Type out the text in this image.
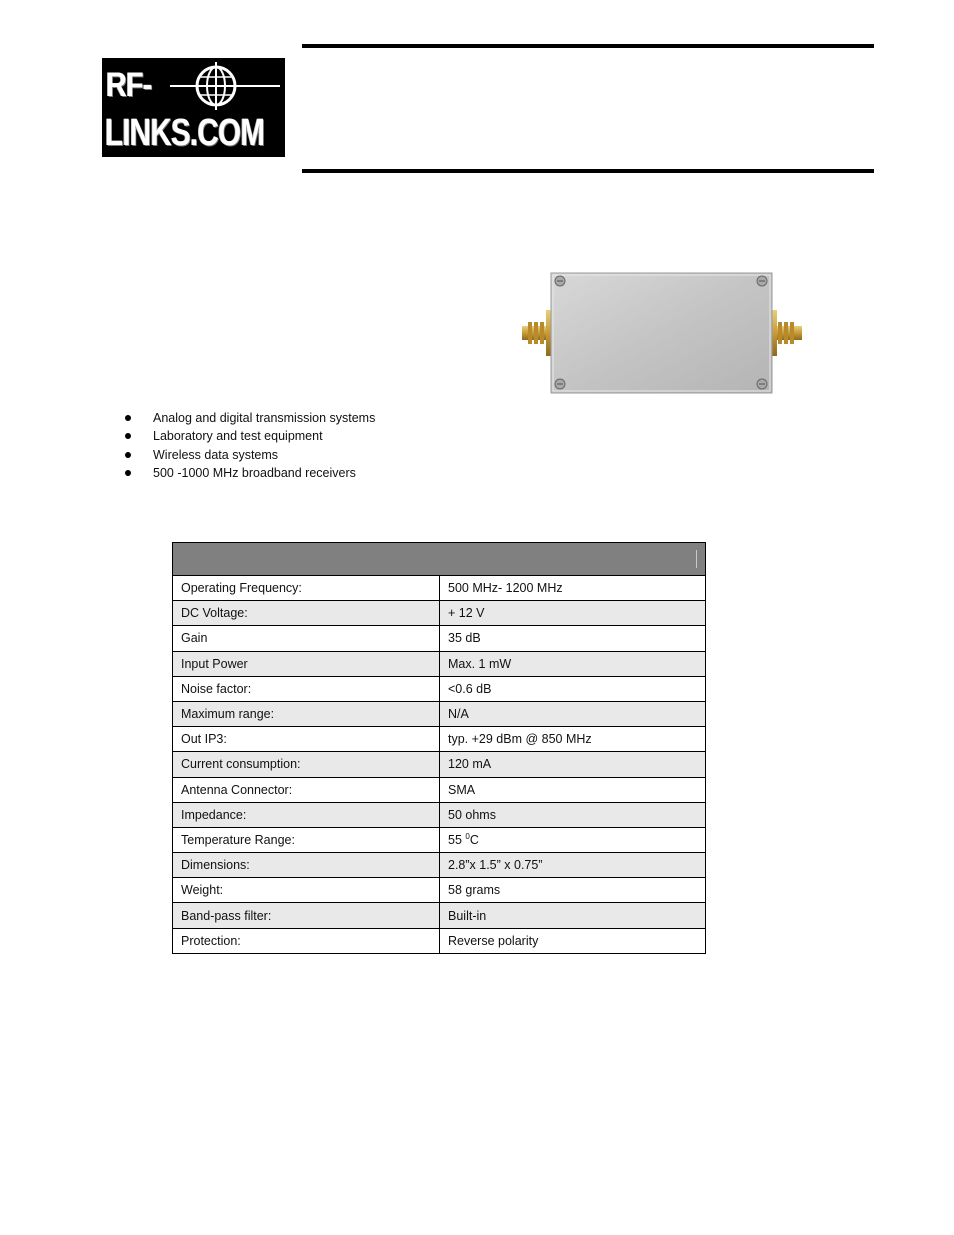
RF-
LINKS.COM
Analog and digital transmission systems
Laboratory and test equipment
Wireless data systems
500 -1000 MHz broadband receivers

Operating Frequency:	500 MHz- 1200 MHz
DC Voltage:	+ 12 V
Gain	35 dB
Input Power	Max. 1 mW
Noise factor:	<0.6 dB
Maximum range:	N/A
Out IP3:	typ. +29 dBm @ 850 MHz
Current consumption:	120 mA
Antenna Connector:	SMA
Impedance:	50 ohms
Temperature Range:	55 $^0$C
Dimensions:	2.8”x 1.5” x 0.75”
Weight:	58 grams
Band-pass filter:	Built-in
Protection:	Reverse polarity
